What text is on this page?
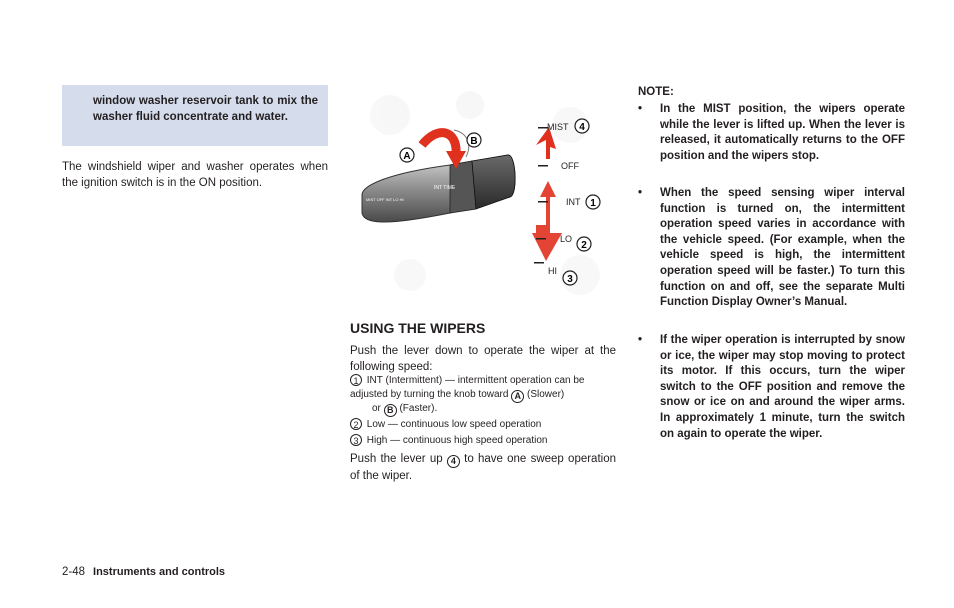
window washer reservoir tank to mix the washer fluid concentrate and water.
The windshield wiper and washer operates when the ignition switch is in the ON position.	INT TIME
MIST OFF INT LO HI
A
B
MIST 4
OFF
INT 1
LO
2
HI
3
USING THE WIPERS
Push the lever down to operate the wiper at the following speed:
1 INT (Intermittent) — intermittent operation can be adjusted by turning the knob toward A (Slower)
or B (Faster).
2 Low — continuous low speed operation
3 High — continuous high speed operation
Push the lever up 4 to have one sweep operation of the wiper.
NOTE:
• In the MIST position, the wipers operate while the lever is lifted up. When the lever is released, it automatically returns to the OFF position and the wipers stop.
• When the speed sensing wiper interval function is turned on, the intermittent operation speed varies in accordance with the vehicle speed. (For example, when the vehicle speed is high, the intermittent operation speed will be faster.) To turn this function on and off, see the separate Multi Function Display Owner’s Manual.
• If the wiper operation is interrupted by snow or ice, the wiper may stop moving to protect its motor. If this occurs, turn the wiper switch to the OFF position and remove the snow or ice on and around the wiper arms. In approximately 1 minute, turn the switch on again to operate the wiper.
2-48 Instruments and controls
